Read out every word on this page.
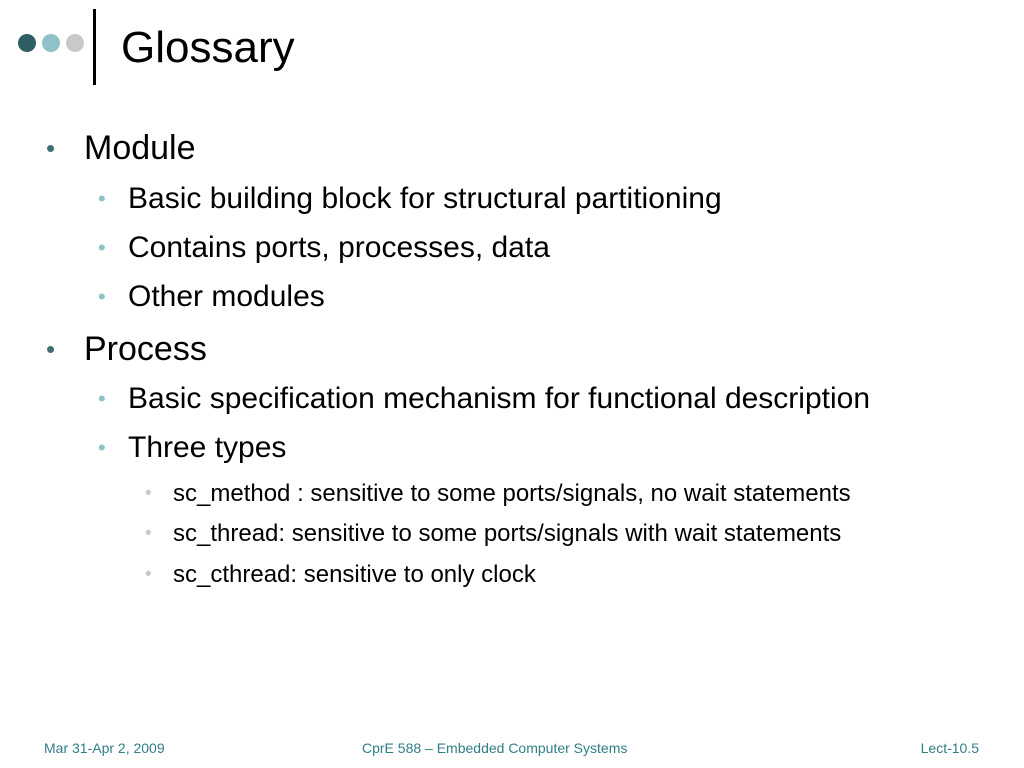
Glossary
• Module
• Basic building block for structural partitioning
• Contains ports, processes, data
• Other modules
• Process
• Basic specification mechanism for functional description
• Three types
• sc_method : sensitive to some ports/signals, no wait statements
• sc_thread: sensitive to some ports/signals with wait statements
• sc_cthread: sensitive to only clock
Mar 31-Apr 2, 2009	CprE 588 – Embedded Computer Systems	Lect-10.5
